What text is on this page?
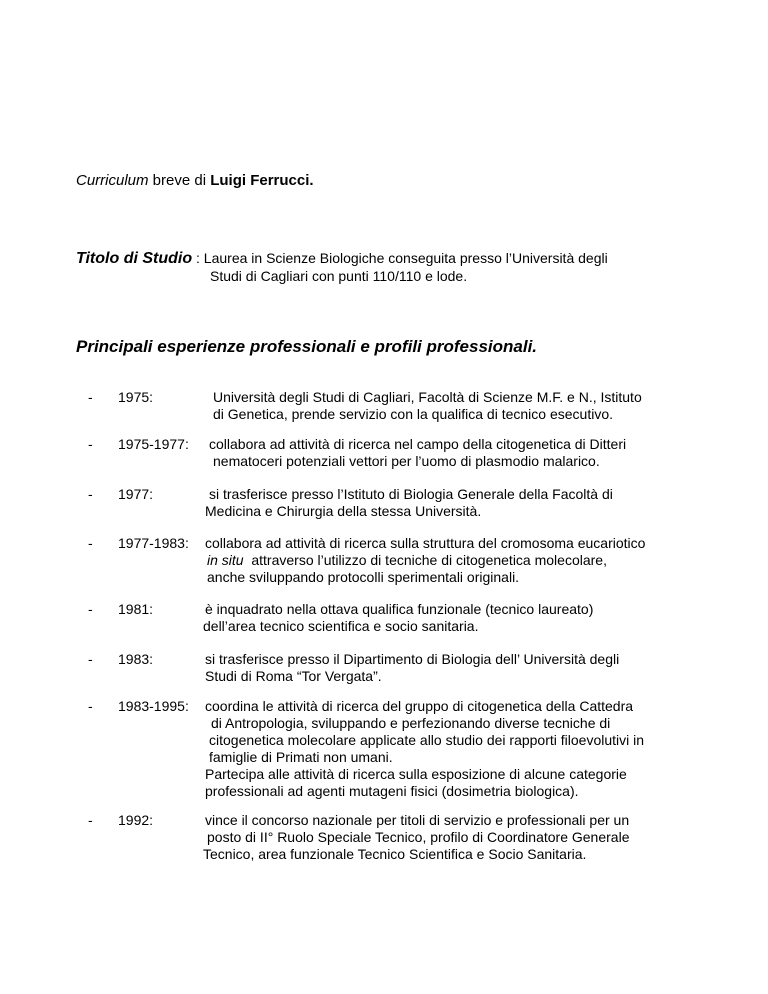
Curriculum breve di Luigi Ferrucci.
Titolo di Studio : Laurea in Scienze Biologiche conseguita presso l’Università degli
Studi di Cagliari con punti 110/110 e lode.
Principali esperienze professionali e profili professionali.
- 1975:	Università degli Studi di Cagliari, Facoltà di Scienze M.F. e N., Istituto
di Genetica, prende servizio con la qualifica di tecnico esecutivo.
- 1975-1977: collabora ad attività di ricerca nel campo della citogenetica di Ditteri
nematoceri potenziali vettori per l’uomo di plasmodio malarico.
- 1977:	si trasferisce presso l’Istituto di Biologia Generale della Facoltà di
Medicina e Chirurgia della stessa Università.
- 1977-1983: collabora ad attività di ricerca sulla struttura del cromosoma eucariotico
in situ  attraverso l’utilizzo di tecniche di citogenetica molecolare,
anche sviluppando protocolli sperimentali originali.
- 1981:	è inquadrato nella ottava qualifica funzionale (tecnico laureato)
dell’area tecnico scientifica e socio sanitaria.
- 1983:	si trasferisce presso il Dipartimento di Biologia dell’ Università degli
Studi di Roma “Tor Vergata”.
- 1983-1995: coordina le attività di ricerca del gruppo di citogenetica della Cattedra
di Antropologia, sviluppando e perfezionando diverse tecniche di
citogenetica molecolare applicate allo studio dei rapporti filoevolutivi in
famiglie di Primati non umani.
Partecipa alle attività di ricerca sulla esposizione di alcune categorie
professionali ad agenti mutageni fisici (dosimetria biologica).
- 1992:	vince il concorso nazionale per titoli di servizio e professionali per un
posto di II° Ruolo Speciale Tecnico, profilo di Coordinatore Generale
Tecnico, area funzionale Tecnico Scientifica e Socio Sanitaria.
